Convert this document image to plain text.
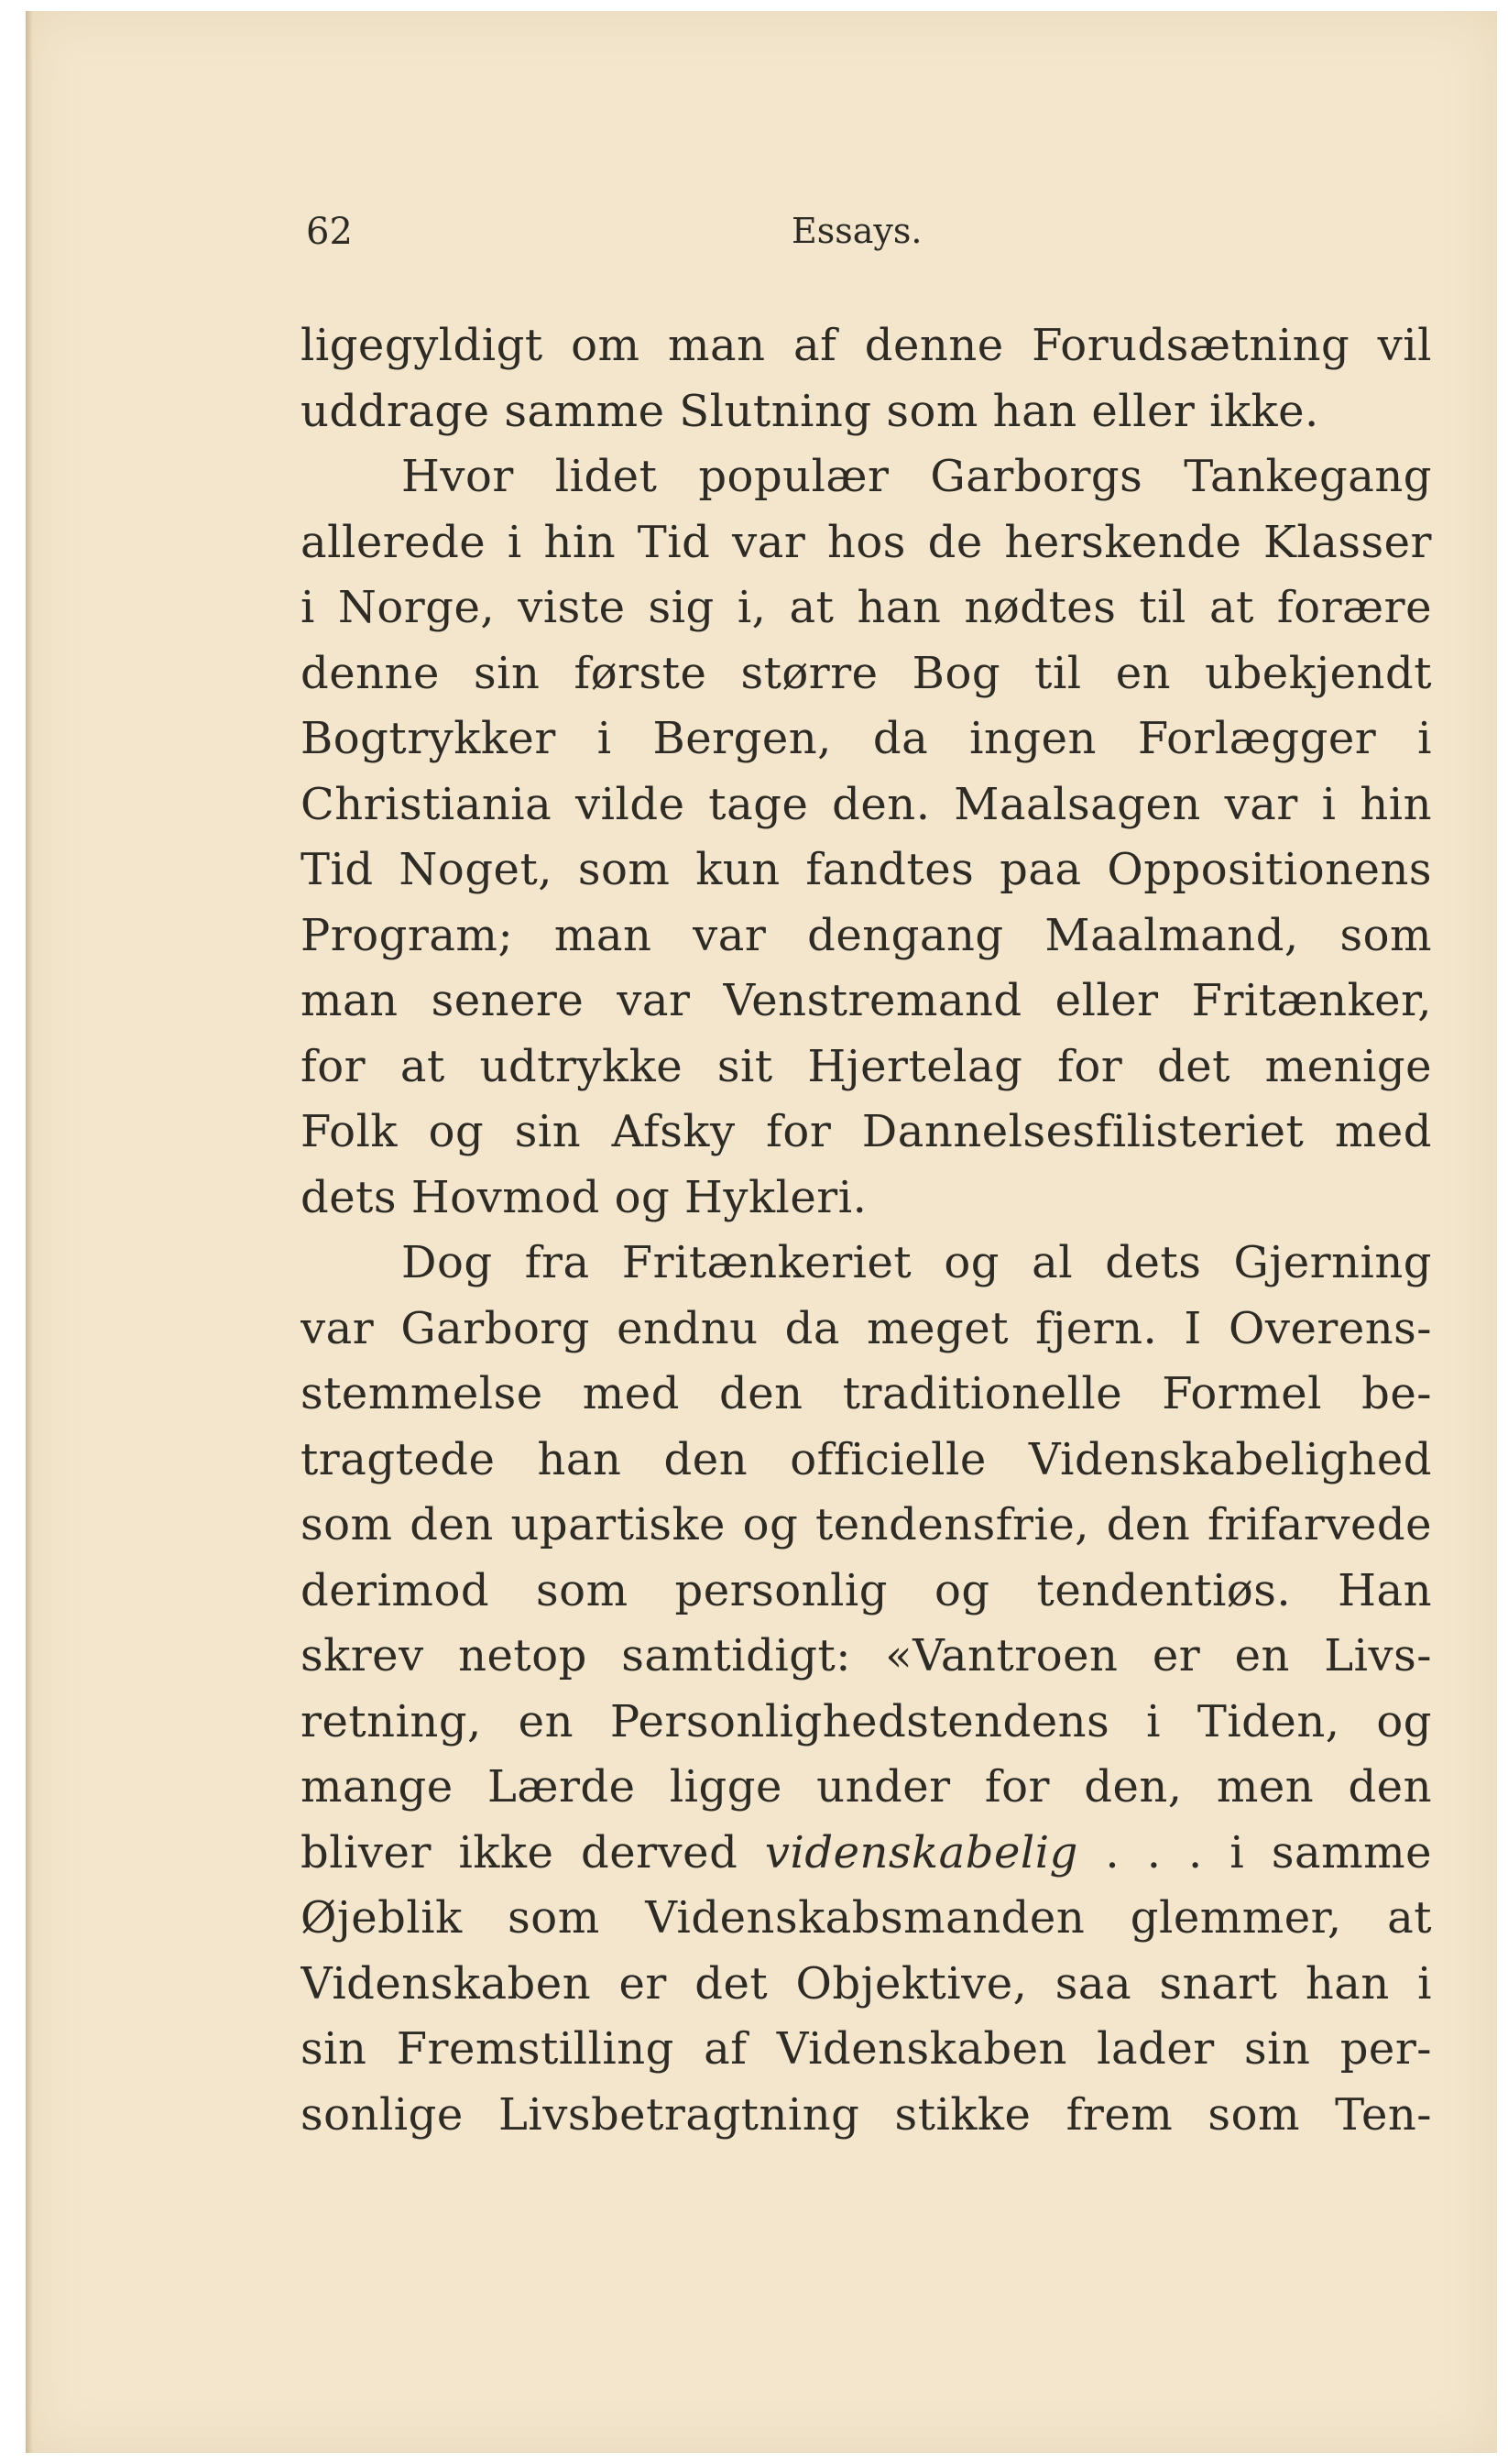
62	Essays.
ligegyldigt om man af denne Forudsætning vil
uddrage samme Slutning som han eller ikke.
Hvor lidet populær Garborgs Tankegang
allerede i hin Tid var hos de herskende Klasser
i Norge, viste sig i, at han nødtes til at forære
denne sin første større Bog til en ubekjendt
Bogtrykker i Bergen, da ingen Forlægger i
Christiania vilde tage den. Maalsagen var i hin
Tid Noget, som kun fandtes paa Oppositionens
Program; man var dengang Maalmand, som
man senere var Venstremand eller Fritænker,
for at udtrykke sit Hjertelag for det menige
Folk og sin Afsky for Dannelsesfilisteriet med
dets Hovmod og Hykleri.
Dog fra Fritænkeriet og al dets Gjerning
var Garborg endnu da meget fjern. I Overens-
stemmelse med den traditionelle Formel be-
tragtede han den officielle Videnskabelighed
som den upartiske og tendensfrie, den frifarvede
derimod som personlig og tendentiøs. Han
skrev netop samtidigt: «Vantroen er en Livs-
retning, en Personlighedstendens i Tiden, og
mange Lærde ligge under for den, men den
bliver ikke derved videnskabelig . . . i samme
Øjeblik som Videnskabsmanden glemmer, at
Videnskaben er det Objektive, saa snart han i
sin Fremstilling af Videnskaben lader sin per-
sonlige Livsbetragtning stikke frem som Ten-
